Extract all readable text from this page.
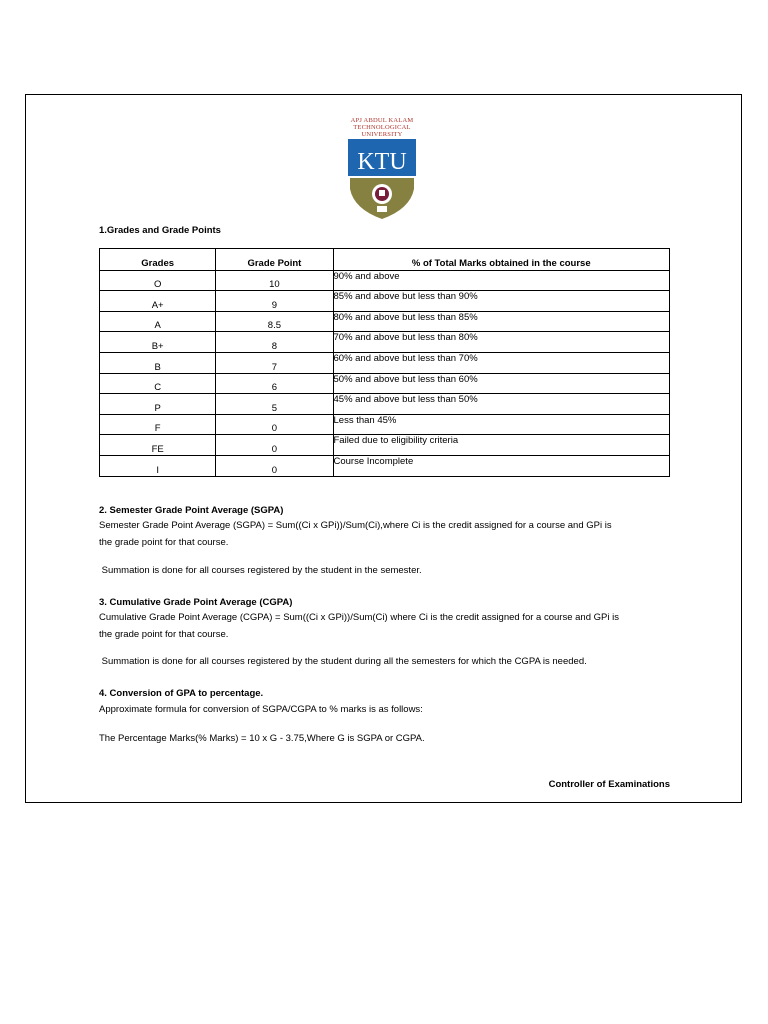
APJ ABDUL KALAM
TECHNOLOGICAL
UNIVERSITY
KTU
1.Grades and Grade Points
Grades	Grade Point	% of Total Marks obtained in the course
O	10	90% and above
A+	9	85% and above but less than 90%
A	8.5	80% and above but less than 85%
B+	8	70% and above but less than 80%
B	7	60% and above but less than 70%
C	6	50% and above but less than 60%
P	5	45% and above but less than 50%
F	0	Less than 45%
FE	0	Failed due to eligibility criteria
I	0	Course Incomplete
2. Semester Grade Point Average (SGPA)
Semester Grade Point Average (SGPA) = Sum((Ci x GPi))/Sum(Ci),where Ci is the credit assigned for a course and GPi is
the grade point for that course.
Summation is done for all courses registered by the student in the semester.
3. Cumulative Grade Point Average (CGPA)
Cumulative Grade Point Average (CGPA) = Sum((Ci x GPi))/Sum(Ci) where Ci is the credit assigned for a course and GPi is
the grade point for that course.
Summation is done for all courses registered by the student during all the semesters for which the CGPA is needed.
4. Conversion of GPA to percentage.
Approximate formula for conversion of SGPA/CGPA to % marks is as follows:
The Percentage Marks(% Marks) = 10 x G - 3.75,Where G is SGPA or CGPA.
Controller of Examinations
